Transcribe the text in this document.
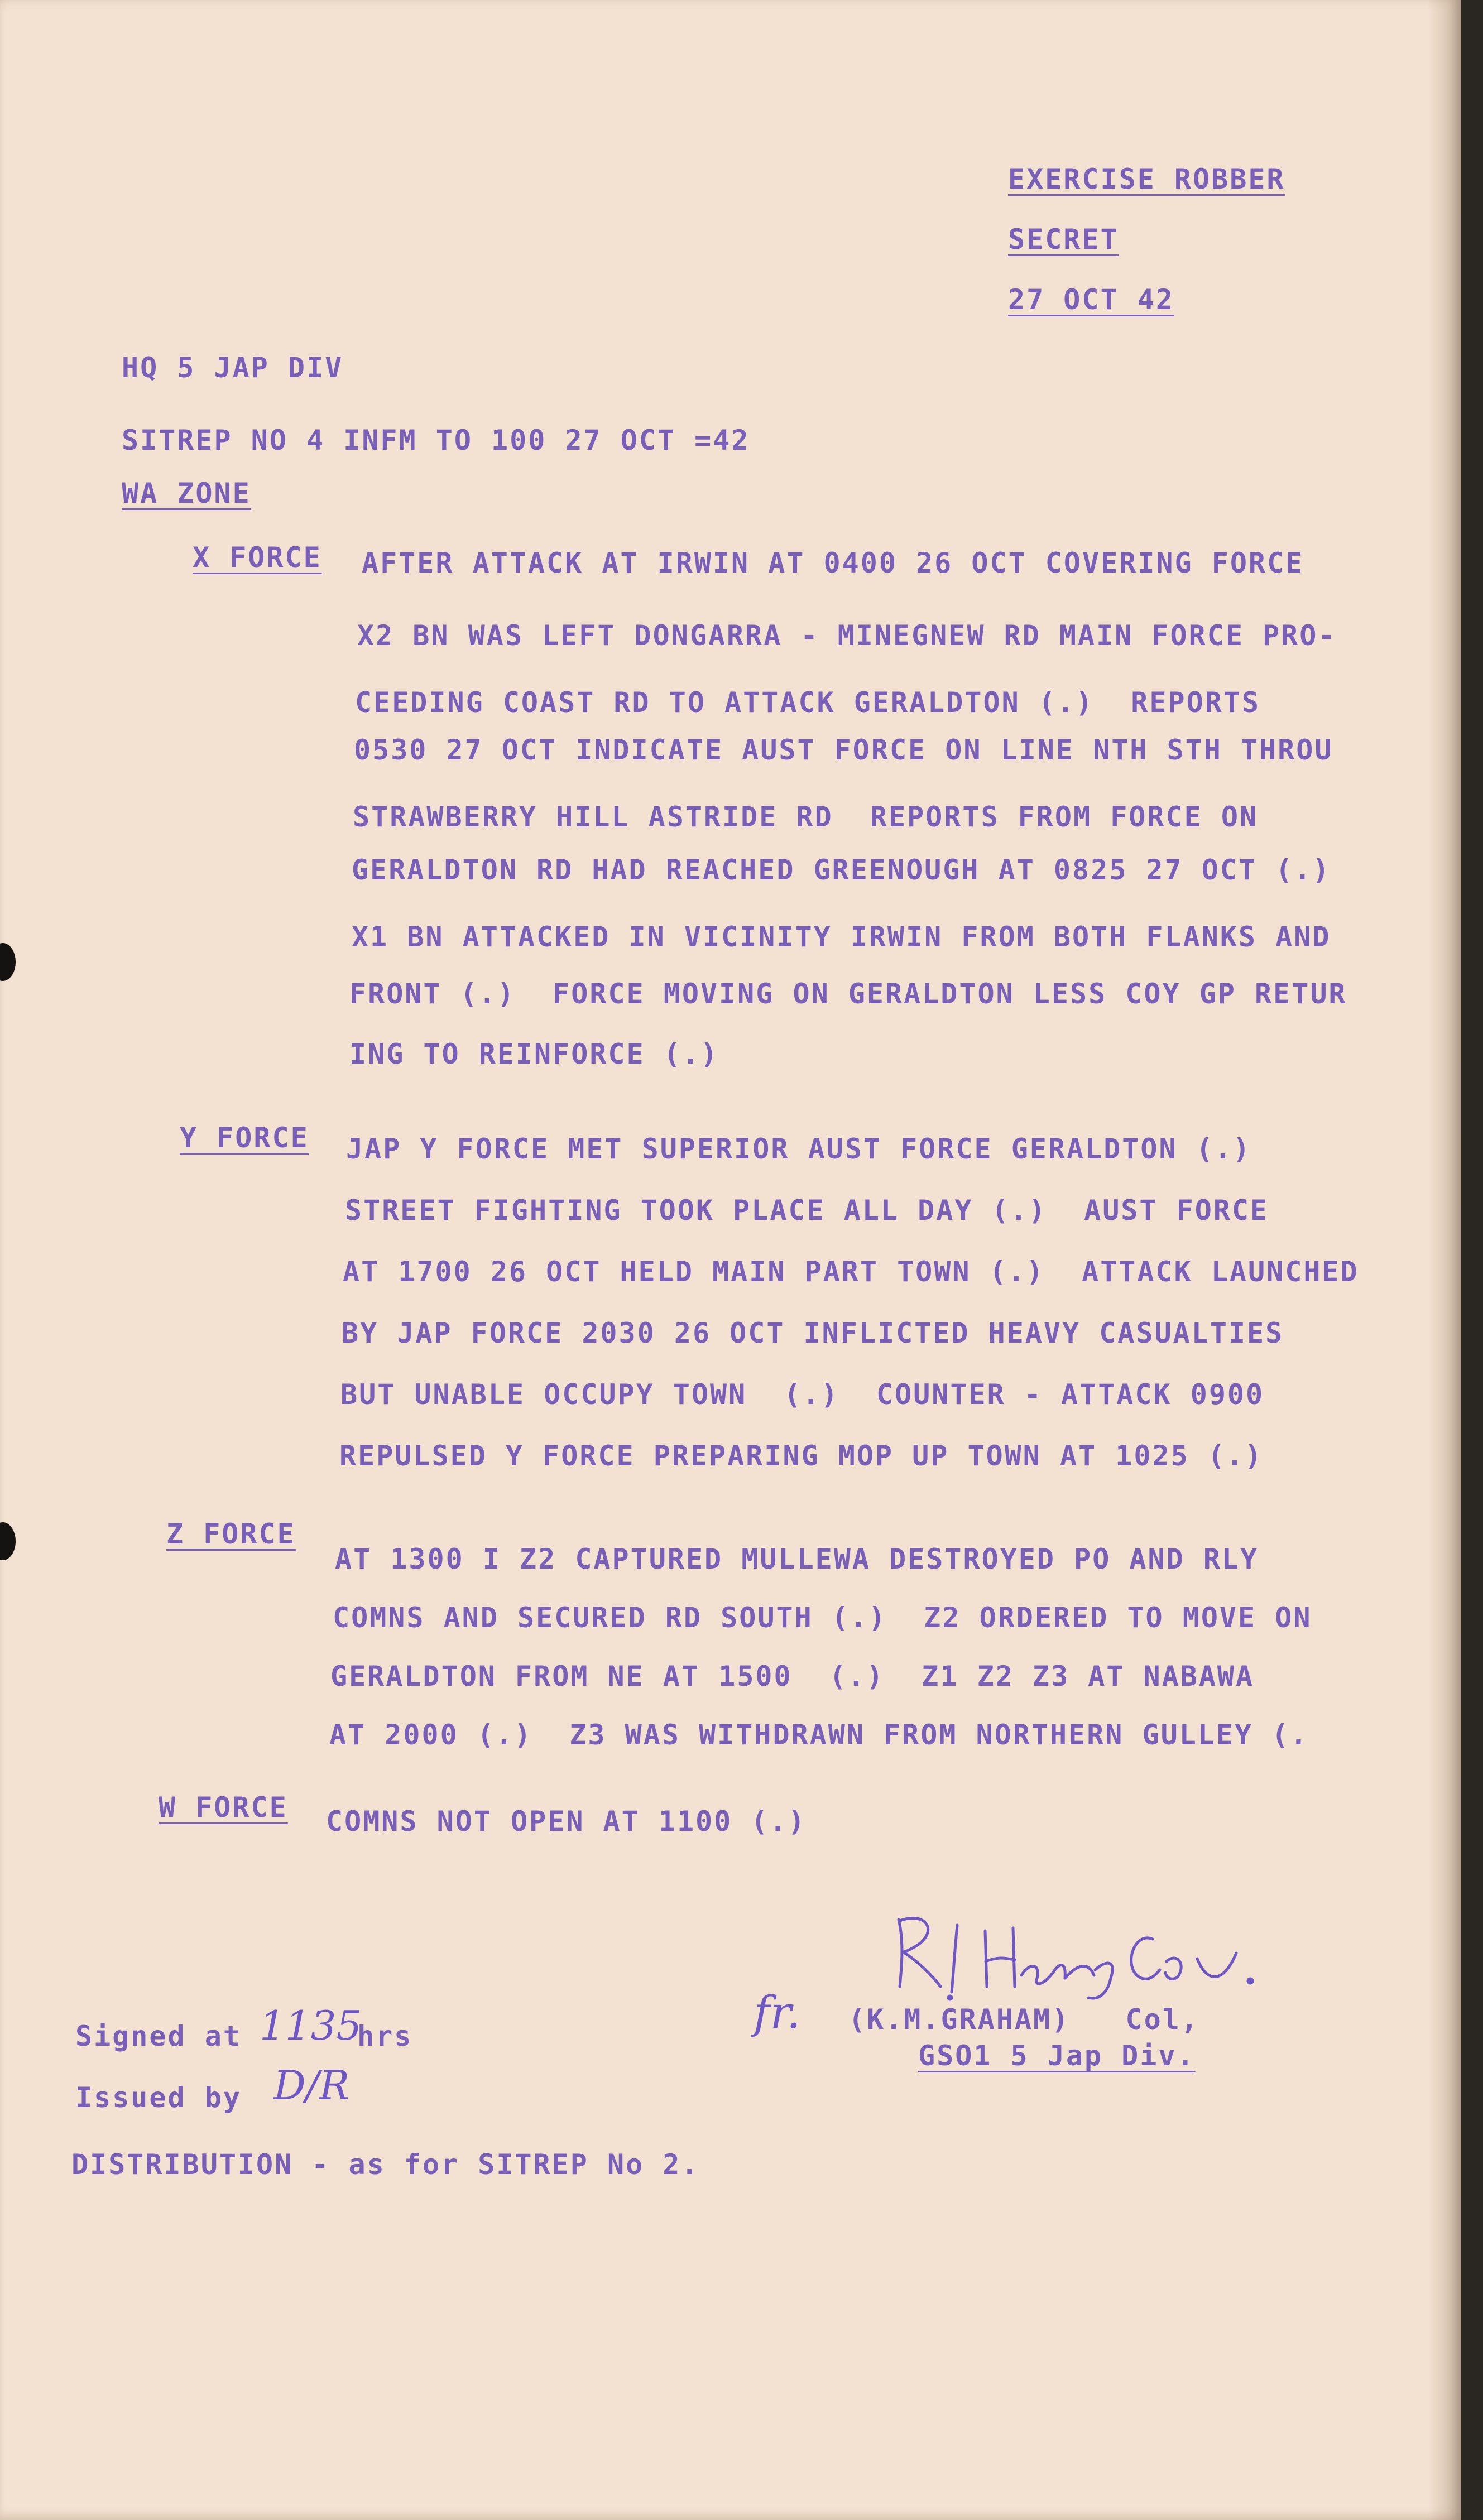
EXERCISE ROBBER
SECRET
27 OCT 42
HQ 5 JAP DIV
SITREP NO 4 INFM TO 100 27 OCT =42
WA ZONE
X FORCE AFTER ATTACK AT IRWIN AT 0400 26 OCT COVERING FORCE
X2 BN WAS LEFT DONGARRA - MINEGNEW RD MAIN FORCE PRO-
CEEDING COAST RD TO ATTACK GERALDTON (.)  REPORTS
0530 27 OCT INDICATE AUST FORCE ON LINE NTH STH THROU
STRAWBERRY HILL ASTRIDE RD  REPORTS FROM FORCE ON
GERALDTON RD HAD REACHED GREENOUGH AT 0825 27 OCT (.)
X1 BN ATTACKED IN VICINITY IRWIN FROM BOTH FLANKS AND
FRONT (.)  FORCE MOVING ON GERALDTON LESS COY GP RETUR
ING TO REINFORCE (.)
Y FORCE JAP Y FORCE MET SUPERIOR AUST FORCE GERALDTON (.)
STREET FIGHTING TOOK PLACE ALL DAY (.)  AUST FORCE
AT 1700 26 OCT HELD MAIN PART TOWN (.)  ATTACK LAUNCHED
BY JAP FORCE 2030 26 OCT INFLICTED HEAVY CASUALTIES
BUT UNABLE OCCUPY TOWN  (.)  COUNTER - ATTACK 0900
REPULSED Y FORCE PREPARING MOP UP TOWN AT 1025 (.)
Z FORCE
AT 1300 I Z2 CAPTURED MULLEWA DESTROYED PO AND RLY
COMNS AND SECURED RD SOUTH (.)  Z2 ORDERED TO MOVE ON
GERALDTON FROM NE AT 1500  (.)  Z1 Z2 Z3 AT NABAWA
AT 2000 (.)  Z3 WAS WITHDRAWN FROM NORTHERN GULLEY (.
W FORCE COMNS NOT OPEN AT 1100 (.)
Signed at 1135
hrs
Issued by D/R
DISTRIBUTION - as for SITREP No 2.
fr. (K.M.GRAHAM)   Col,
GSO1 5 Jap Div.
